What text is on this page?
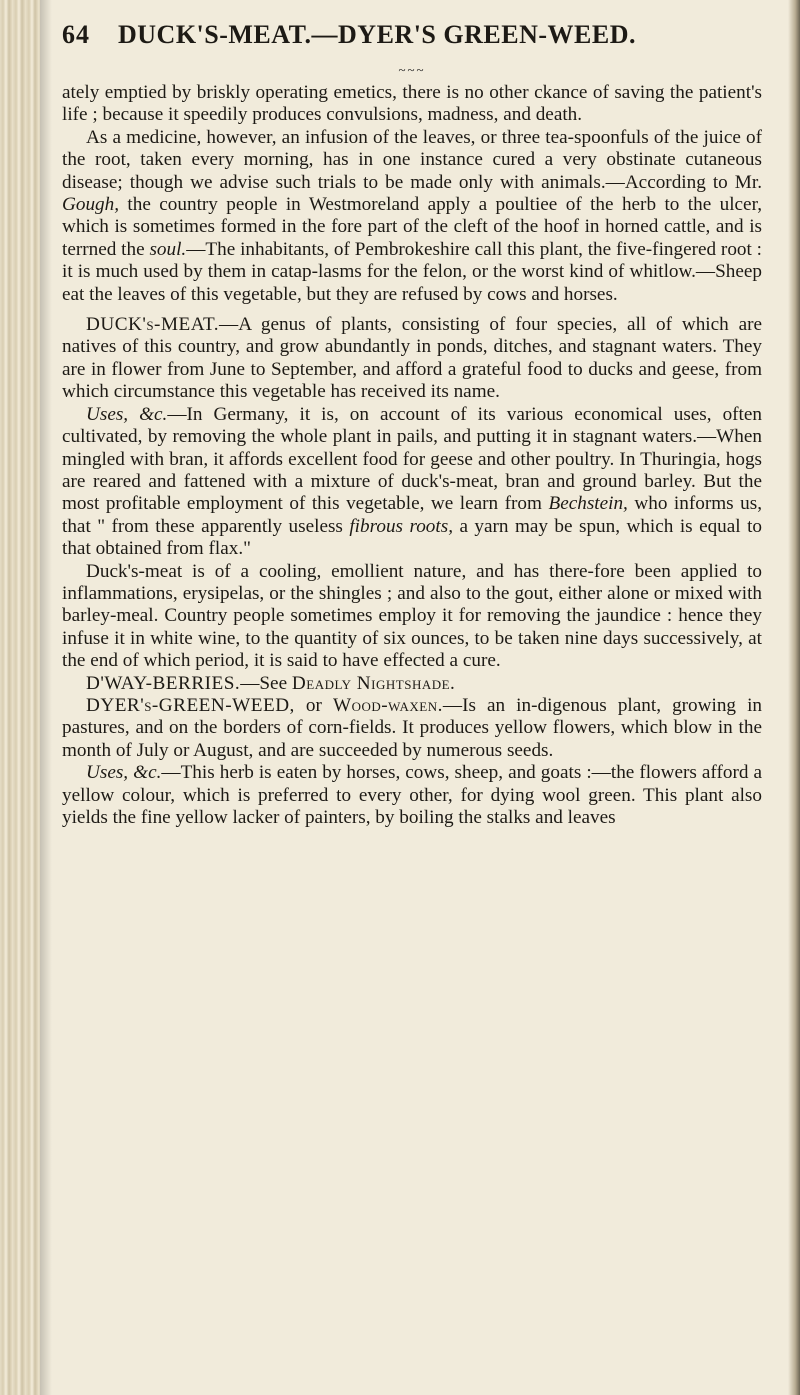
64	DUCK'S-MEAT.—DYER'S GREEN-WEED.
~~~

ately emptied by briskly operating emetics, there is no other ckance of saving the patient's life ; because it speedily produces convulsions, madness, and death.

As a medicine, however, an infusion of the leaves, or three tea-spoonfuls of the juice of the root, taken every morning, has in one instance cured a very obstinate cutaneous disease; though we advise such trials to be made only with animals.—According to Mr. Gough, the country people in Westmoreland apply a poultiee of the herb to the ulcer, which is sometimes formed in the fore part of the cleft of the hoof in horned cattle, and is terrned the soul.—The inhabitants, of Pembrokeshire call this plant, the five-fingered root : it is much used by them in catap-lasms for the felon, or the worst kind of whitlow.—Sheep eat the leaves of this vegetable, but they are refused by cows and horses.

DUCK's-MEAT.—A genus of plants, consisting of four species, all of which are natives of this country, and grow abundantly in ponds, ditches, and stagnant waters. They are in flower from June to September, and afford a grateful food to ducks and geese, from which circumstance this vegetable has received its name.

Uses, &c.—In Germany, it is, on account of its various economical uses, often cultivated, by removing the whole plant in pails, and putting it in stagnant waters.—When mingled with bran, it affords excellent food for geese and other poultry. In Thuringia, hogs are reared and fattened with a mixture of duck's-meat, bran and ground barley. But the most profitable employment of this vegetable, we learn from Bechstein, who informs us, that " from these apparently useless fibrous roots, a yarn may be spun, which is equal to that obtained from flax."

Duck's-meat is of a cooling, emollient nature, and has there-fore been applied to inflammations, erysipelas, or the shingles ; and also to the gout, either alone or mixed with barley-meal. Country people sometimes employ it for removing the jaundice : hence they infuse it in white wine, to the quantity of six ounces, to be taken nine days successively, at the end of which period, it is said to have effected a cure.

D'WAY-BERRIES.—See Deadly Nightshade.

DYER's-GREEN-WEED, or Wood-waxen.—Is an in-digenous plant, growing in pastures, and on the borders of corn-fields. It produces yellow flowers, which blow in the month of July or August, and are succeeded by numerous seeds.

Uses, &c.—This herb is eaten by horses, cows, sheep, and goats :—the flowers afford a yellow colour, which is preferred to every other, for dying wool green. This plant also yields the fine yellow lacker of painters, by boiling the stalks and leaves
